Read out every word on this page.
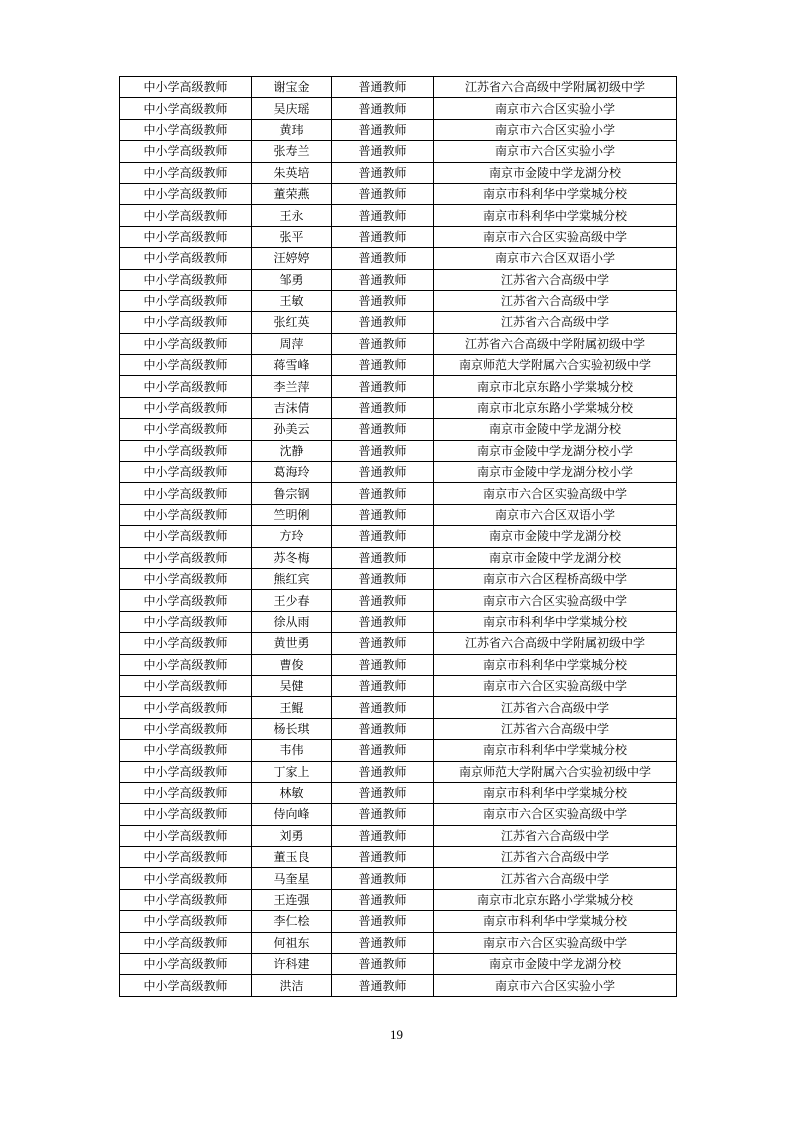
中小学高级教师	谢宝金	普通教师	江苏省六合高级中学附属初级中学
中小学高级教师	吴庆瑶	普通教师	南京市六合区实验小学
中小学高级教师	黄玮	普通教师	南京市六合区实验小学
中小学高级教师	张寿兰	普通教师	南京市六合区实验小学
中小学高级教师	朱英培	普通教师	南京市金陵中学龙湖分校
中小学高级教师	董荣燕	普通教师	南京市科利华中学棠城分校
中小学高级教师	王永	普通教师	南京市科利华中学棠城分校
中小学高级教师	张平	普通教师	南京市六合区实验高级中学
中小学高级教师	汪婷婷	普通教师	南京市六合区双语小学
中小学高级教师	邹勇	普通教师	江苏省六合高级中学
中小学高级教师	王敏	普通教师	江苏省六合高级中学
中小学高级教师	张红英	普通教师	江苏省六合高级中学
中小学高级教师	周萍	普通教师	江苏省六合高级中学附属初级中学
中小学高级教师	蒋雪峰	普通教师	南京师范大学附属六合实验初级中学
中小学高级教师	李兰萍	普通教师	南京市北京东路小学棠城分校
中小学高级教师	吉沫倩	普通教师	南京市北京东路小学棠城分校
中小学高级教师	孙美云	普通教师	南京市金陵中学龙湖分校
中小学高级教师	沈静	普通教师	南京市金陵中学龙湖分校小学
中小学高级教师	葛海玲	普通教师	南京市金陵中学龙湖分校小学
中小学高级教师	鲁宗钢	普通教师	南京市六合区实验高级中学
中小学高级教师	竺明俐	普通教师	南京市六合区双语小学
中小学高级教师	方玲	普通教师	南京市金陵中学龙湖分校
中小学高级教师	苏冬梅	普通教师	南京市金陵中学龙湖分校
中小学高级教师	熊红宾	普通教师	南京市六合区程桥高级中学
中小学高级教师	王少春	普通教师	南京市六合区实验高级中学
中小学高级教师	徐从雨	普通教师	南京市科利华中学棠城分校
中小学高级教师	黄世勇	普通教师	江苏省六合高级中学附属初级中学
中小学高级教师	曹俊	普通教师	南京市科利华中学棠城分校
中小学高级教师	吴健	普通教师	南京市六合区实验高级中学
中小学高级教师	王鲲	普通教师	江苏省六合高级中学
中小学高级教师	杨长琪	普通教师	江苏省六合高级中学
中小学高级教师	韦伟	普通教师	南京市科利华中学棠城分校
中小学高级教师	丁家上	普通教师	南京师范大学附属六合实验初级中学
中小学高级教师	林敏	普通教师	南京市科利华中学棠城分校
中小学高级教师	侍向峰	普通教师	南京市六合区实验高级中学
中小学高级教师	刘勇	普通教师	江苏省六合高级中学
中小学高级教师	董玉良	普通教师	江苏省六合高级中学
中小学高级教师	马奎星	普通教师	江苏省六合高级中学
中小学高级教师	王连强	普通教师	南京市北京东路小学棠城分校
中小学高级教师	李仁桧	普通教师	南京市科利华中学棠城分校
中小学高级教师	何祖东	普通教师	南京市六合区实验高级中学
中小学高级教师	许科建	普通教师	南京市金陵中学龙湖分校
中小学高级教师	洪洁	普通教师	南京市六合区实验小学
19
